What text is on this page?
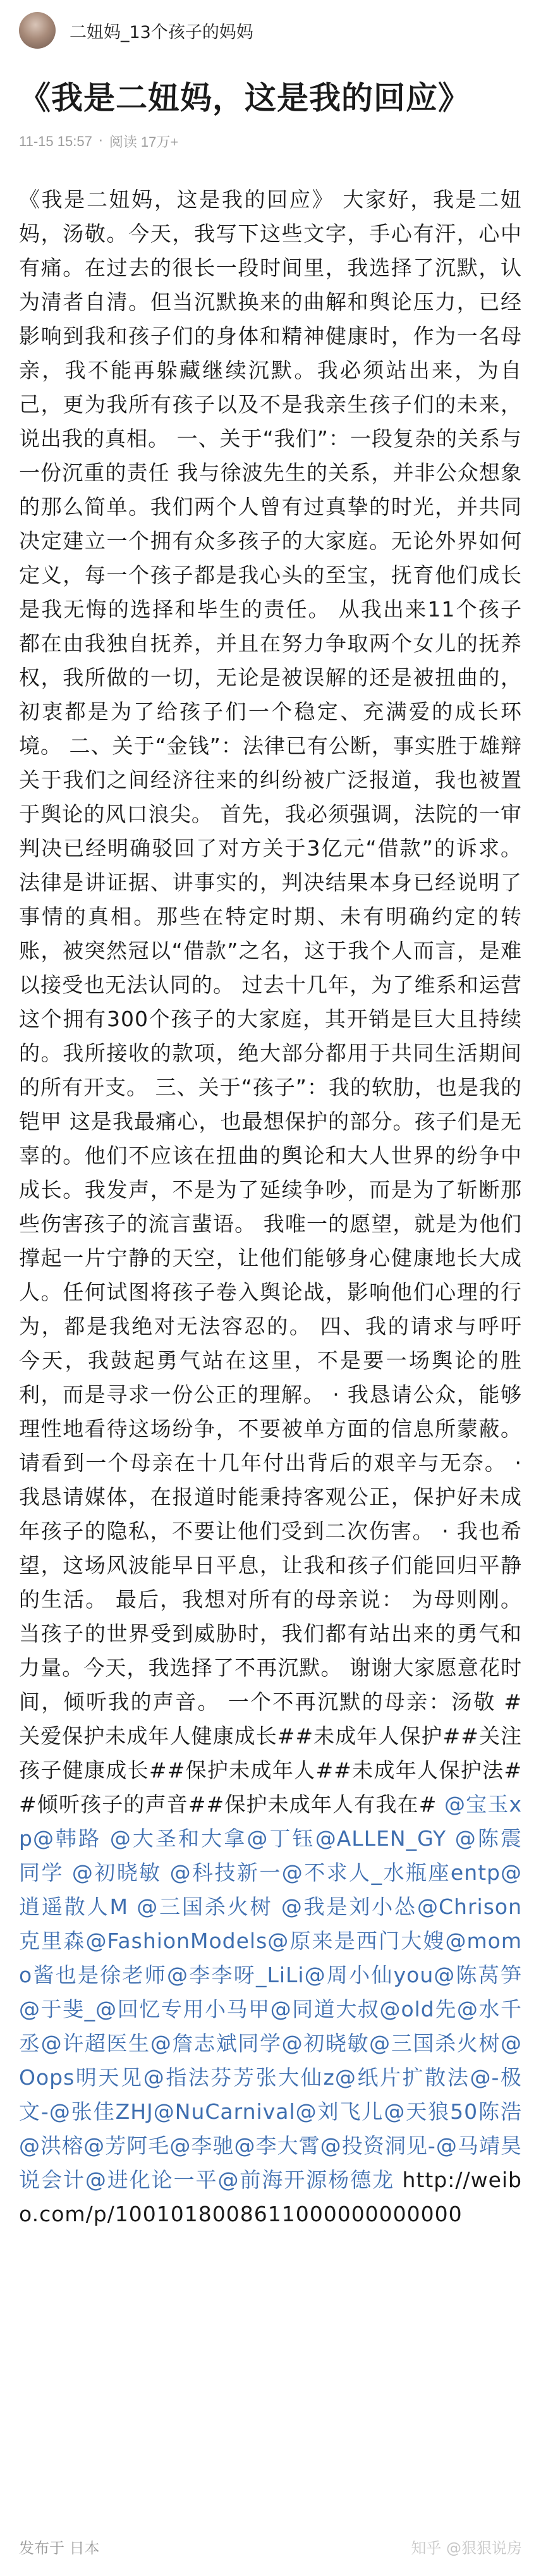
二妞妈_13个孩子的妈妈
《我是二妞妈，这是我的回应》
11-15 15:57 · 阅读 17万+
《我是二妞妈，这是我的回应》 大家好，我是二妞妈，汤敬。今天，我写下这些文字，手心有汗，心中有痛。在过去的很长一段时间里，我选择了沉默，认为清者自清。但当沉默换来的曲解和舆论压力，已经影响到我和孩子们的身体和精神健康时，作为一名母亲，我不能再躲藏继续沉默。我必须站出来，为自己，更为我所有孩子以及不是我亲生孩子们的未来，说出我的真相。 一、关于“我们”：一段复杂的关系与一份沉重的责任 我与徐波先生的关系，并非公众想象的那么简单。我们两个人曾有过真挚的时光，并共同决定建立一个拥有众多孩子的大家庭。无论外界如何定义，每一个孩子都是我心头的至宝，抚育他们成长是我无悔的选择和毕生的责任。 从我出来11个孩子都在由我独自抚养，并且在努力争取两个女儿的抚养权，我所做的一切，无论是被误解的还是被扭曲的，初衷都是为了给孩子们一个稳定、充满爱的成长环境。 二、关于“金钱”：法律已有公断，事实胜于雄辩 关于我们之间经济往来的纠纷被广泛报道，我也被置于舆论的风口浪尖。 首先，我必须强调，法院的一审判决已经明确驳回了对方关于3亿元“借款”的诉求。法律是讲证据、讲事实的，判决结果本身已经说明了事情的真相。那些在特定时期、未有明确约定的转账，被突然冠以“借款”之名，这于我个人而言，是难以接受也无法认同的。 过去十几年，为了维系和运营这个拥有300个孩子的大家庭，其开销是巨大且持续的。我所接收的款项，绝大部分都用于共同生活期间的所有开支。 三、关于“孩子”：我的软肋，也是我的铠甲 这是我最痛心，也最想保护的部分。孩子们是无辜的。他们不应该在扭曲的舆论和大人世界的纷争中成长。我发声，不是为了延续争吵，而是为了斩断那些伤害孩子的流言蜚语。 我唯一的愿望，就是为他们撑起一片宁静的天空，让他们能够身心健康地长大成人。任何试图将孩子卷入舆论战，影响他们心理的行为，都是我绝对无法容忍的。 四、我的请求与呼吁 今天，我鼓起勇气站在这里，不是要一场舆论的胜利，而是寻求一份公正的理解。 · 我恳请公众，能够理性地看待这场纷争，不要被单方面的信息所蒙蔽。请看到一个母亲在十几年付出背后的艰辛与无奈。 · 我恳请媒体，在报道时能秉持客观公正，保护好未成年孩子的隐私，不要让他们受到二次伤害。 · 我也希望，这场风波能早日平息，让我和孩子们能回归平静的生活。 最后，我想对所有的母亲说： 为母则刚。当孩子的世界受到威胁时，我们都有站出来的勇气和力量。今天，我选择了不再沉默。 谢谢大家愿意花时间，倾听我的声音。 一个不再沉默的母亲：汤敬 #关爱保护未成年人健康成长##未成年人保护##关注孩子健康成长##保护未成年人##未成年人保护法##倾听孩子的声音##保护未成年人有我在# @宝玉xp@韩路 @大圣和大拿@丁钰@ALLEN_GY @陈震同学 @初晓敏 @科技新一@不求人_水瓶座entp@逍遥散人M @三国杀火树 @我是刘小怂@Chrison克里森@FashionModels@原来是西门大嫂@momo酱也是徐老师@李李呀_LiLi@周小仙you@陈莴笋@于斐_@回忆专用小马甲@同道大叔@old先@水千丞@许超医生@詹志斌同学@初晓敏@三国杀火树@Oops明天见@指法芬芳张大仙z@纸片扩散法@-极文-@张佳ZHJ@NuCarnival@刘飞儿@天狼50陈浩@洪榕@芳阿毛@李驰@李大霄@投资洞见-@马靖昊说会计@进化论一平@前海开源杨德龙 http://weibo.com/p/1001018008611000000000000
发布于 日本	知乎 @狠狠说房
